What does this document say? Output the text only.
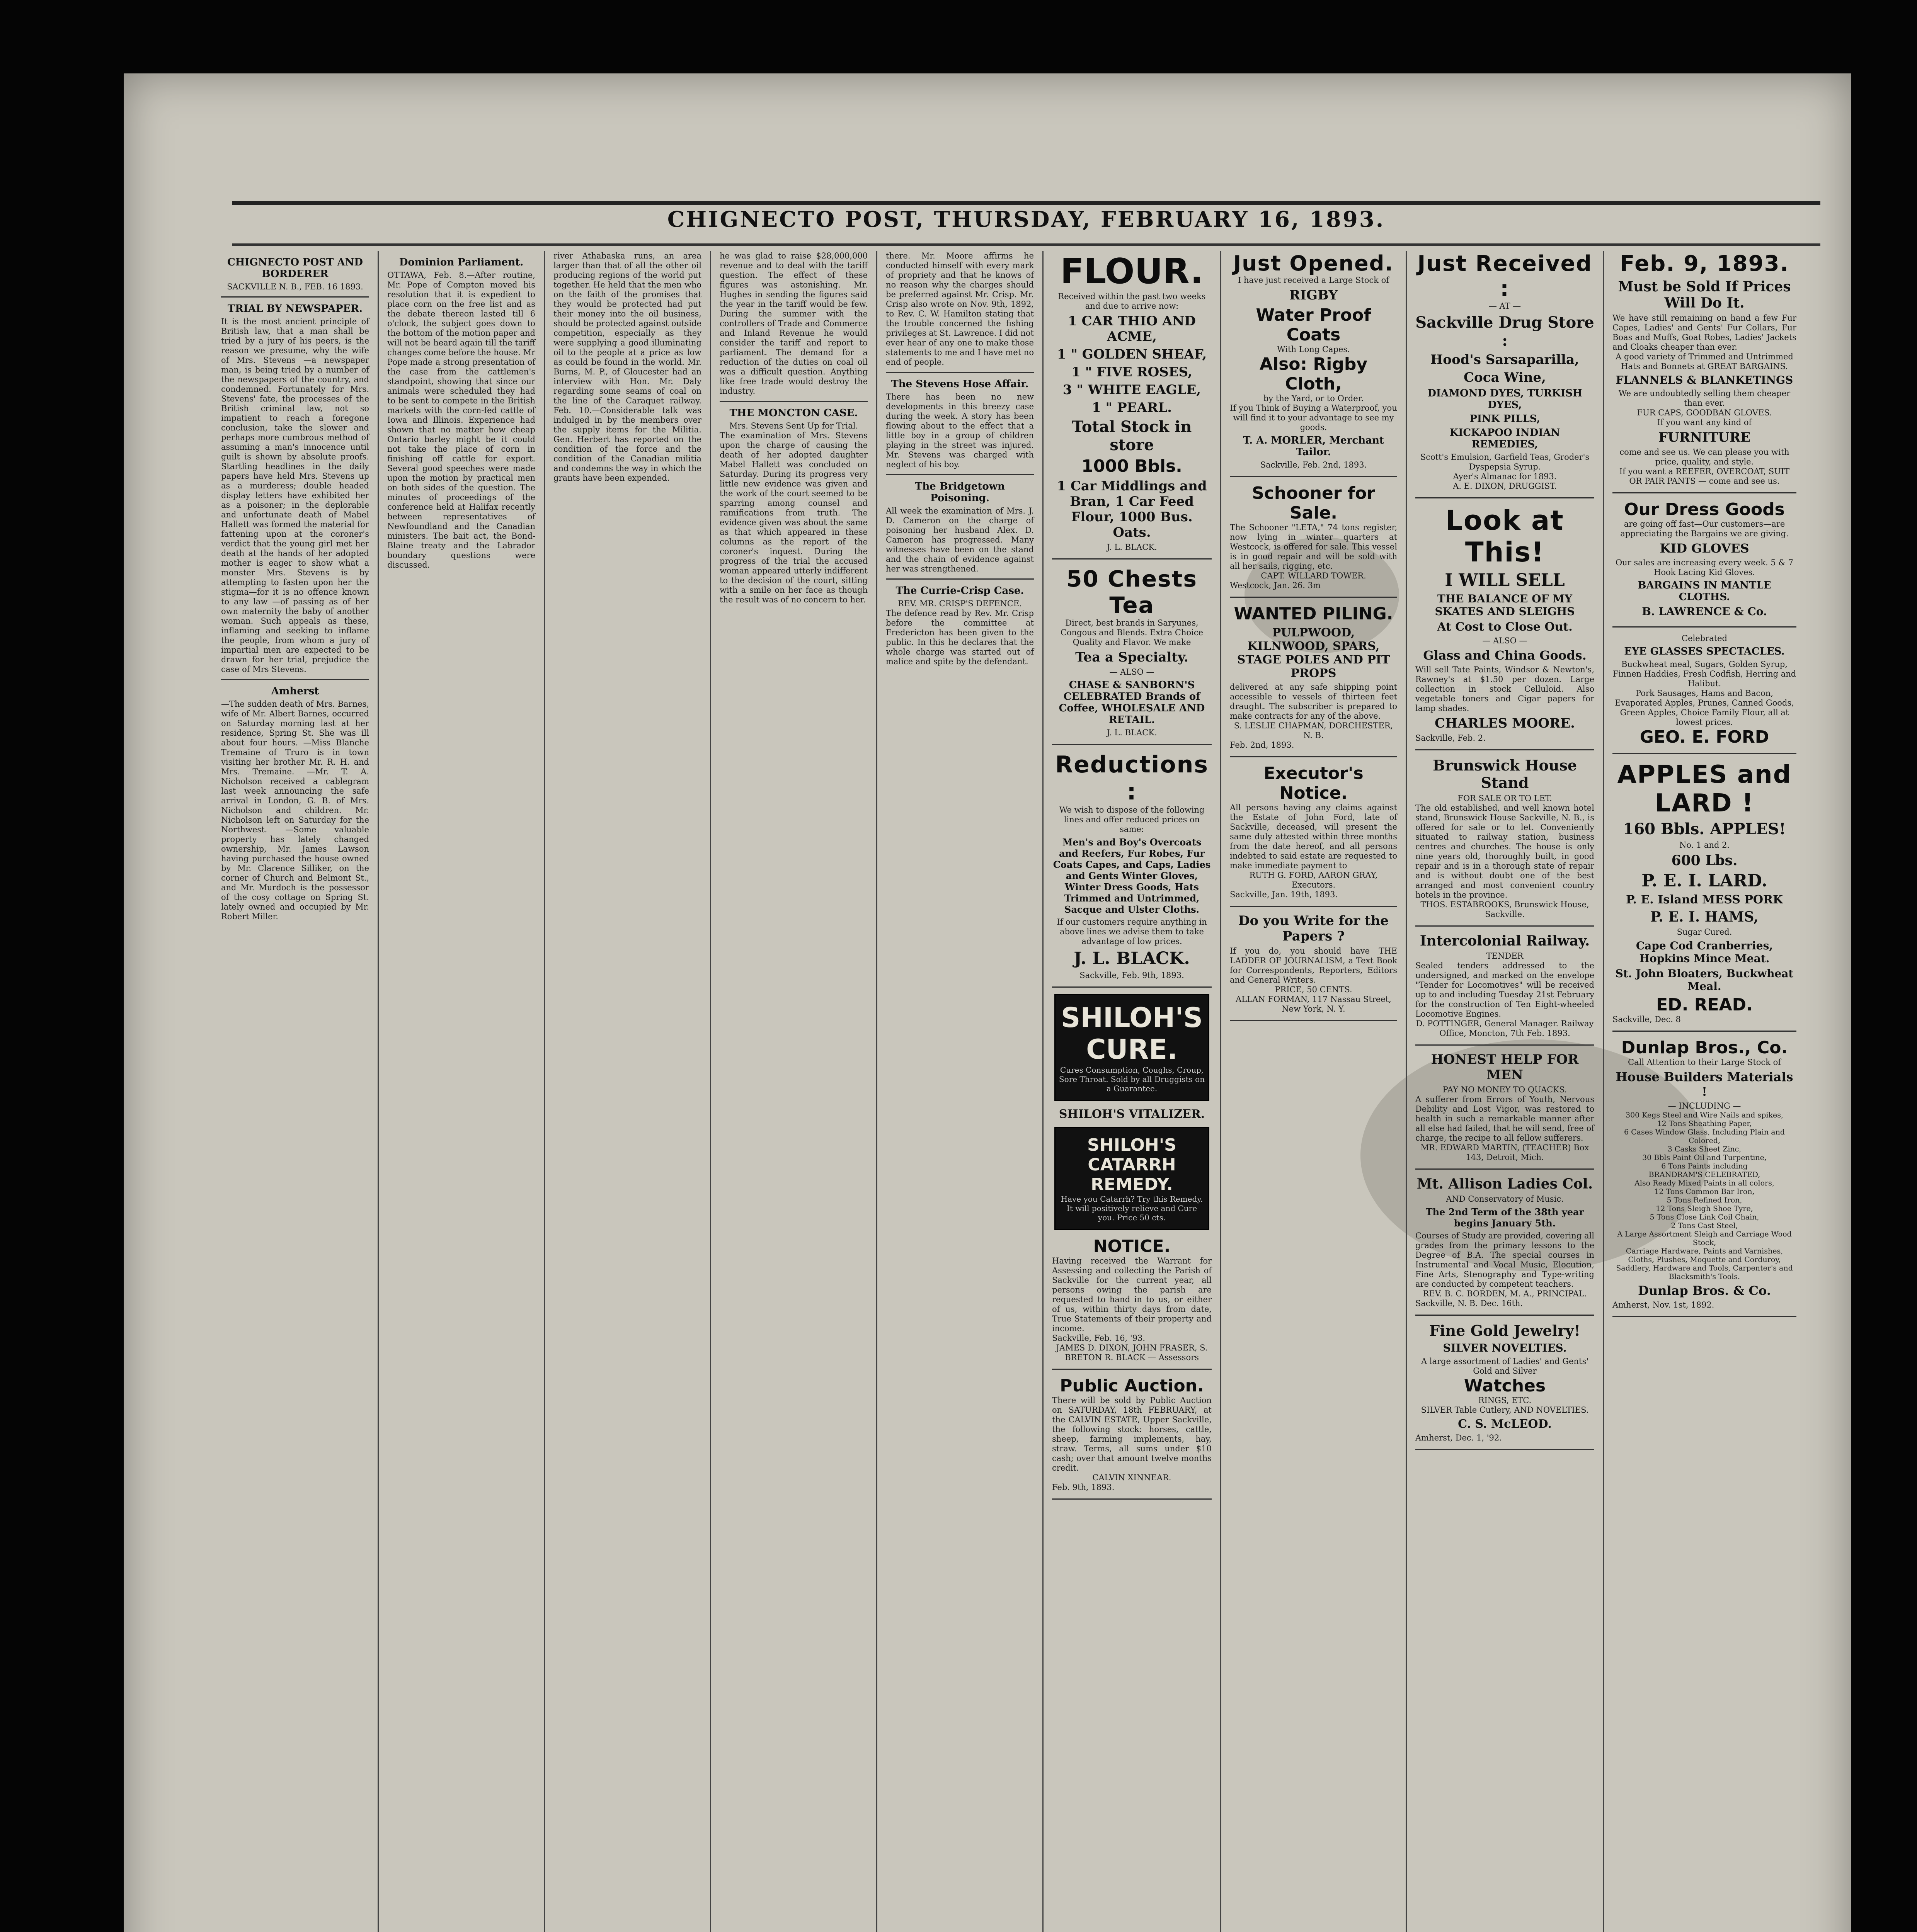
CHIGNECTO POST, THURSDAY, FEBRUARY 16, 1893.
CHIGNECTO POST AND BORDERER
SACKVILLE N. B., FEB. 16 1893.
TRIAL BY NEWSPAPER.

It is the most ancient principle of British law, that a man shall be tried by a jury of his peers, is the reason we presume, why the wife of Mrs. Stevens —a newspaper man, is being tried by a number of the newspapers of the country, and condemned. Fortunately for Mrs. Stevens' fate, the processes of the British criminal law, not so impatient to reach a foregone conclusion, take the slower and perhaps more cumbrous method of assuming a man's innocence until guilt is shown by absolute proofs. Startling headlines in the daily papers have held Mrs. Stevens up as a murderess; double headed display letters have exhibited her as a poisoner; in the deplorable and unfortunate death of Mabel Hallett was formed the material for fattening upon at the coroner's verdict that the young girl met her death at the hands of her adopted mother is eager to show what a monster Mrs. Stevens is by attempting to fasten upon her the stigma—for it is no offence known to any law —of passing as of her own maternity the baby of another woman. Such appeals as these, inflaming and seeking to inflame the people, from whom a jury of impartial men are expected to be drawn for her trial, prejudice the case of Mrs Stevens.

Amherst

—The sudden death of Mrs. Barnes, wife of Mr. Albert Barnes, occurred on Saturday morning last at her residence, Spring St. She was ill about four hours. —Miss Blanche Tremaine of Truro is in town visiting her brother Mr. R. H. and Mrs. Tremaine. —Mr. T. A. Nicholson received a cablegram last week announcing the safe arrival in London, G. B. of Mrs. Nicholson and children. Mr. Nicholson left on Saturday for the Northwest. —Some valuable property has lately changed ownership, Mr. James Lawson having purchased the house owned by Mr. Clarence Silliker, on the corner of Church and Belmont St., and Mr. Murdoch is the possessor of the cosy cottage on Spring St. lately owned and occupied by Mr. Robert Miller.

Dominion Parliament.

OTTAWA, Feb. 8.—After routine, Mr. Pope of Compton moved his resolution that it is expedient to place corn on the free list and as the debate thereon lasted till 6 o'clock, the subject goes down to the bottom of the motion paper and will not be heard again till the tariff changes come before the house. Mr Pope made a strong presentation of the case from the cattlemen's standpoint, showing that since our animals were scheduled they had to be sent to compete in the British markets with the corn-fed cattle of Iowa and Illinois. Experience had shown that no matter how cheap Ontario barley might be it could not take the place of corn in finishing off cattle for export. Several good speeches were made upon the motion by practical men on both sides of the question. The minutes of proceedings of the conference held at Halifax recently between representatives of Newfoundland and the Canadian ministers. The bait act, the Bond-Blaine treaty and the Labrador boundary questions were discussed.

river Athabaska runs, an area larger than that of all the other oil producing regions of the world put together. He held that the men who on the faith of the promises that they would be protected had put their money into the oil business, should be protected against outside competition, especially as they were supplying a good illuminating oil to the people at a price as low as could be found in the world. Mr. Burns, M. P., of Gloucester had an interview with Hon. Mr. Daly regarding some seams of coal on the line of the Caraquet railway. Feb. 10.—Considerable talk was indulged in by the members over the supply items for the Militia. Gen. Herbert has reported on the condition of the force and the condition of the Canadian militia and condemns the way in which the grants have been expended.

he was glad to raise $28,000,000 revenue and to deal with the tariff question. The effect of these figures was astonishing. Mr. Hughes in sending the figures said the year in the tariff would be few. During the summer with the controllers of Trade and Commerce and Inland Revenue he would consider the tariff and report to parliament. The demand for a reduction of the duties on coal oil was a difficult question. Anything like free trade would destroy the industry.

THE MONCTON CASE.
Mrs. Stevens Sent Up for Trial.

The examination of Mrs. Stevens upon the charge of causing the death of her adopted daughter Mabel Hallett was concluded on Saturday. During its progress very little new evidence was given and the work of the court seemed to be sparring among counsel and ramifications from truth. The evidence given was about the same as that which appeared in these columns as the report of the coroner's inquest. During the progress of the trial the accused woman appeared utterly indifferent to the decision of the court, sitting with a smile on her face as though the result was of no concern to her.

there. Mr. Moore affirms he conducted himself with every mark of propriety and that he knows of no reason why the charges should be preferred against Mr. Crisp. Mr. Crisp also wrote on Nov. 9th, 1892, to Rev. C. W. Hamilton stating that the trouble concerned the fishing privileges at St. Lawrence. I did not ever hear of any one to make those statements to me and I have met no end of people.

The Stevens Hose Affair.

There has been no new developments in this breezy case during the week. A story has been flowing about to the effect that a little boy in a group of children playing in the street was injured. Mr. Stevens was charged with neglect of his boy.

The Bridgetown Poisoning.

All week the examination of Mrs. J. D. Cameron on the charge of poisoning her husband Alex. D. Cameron has progressed. Many witnesses have been on the stand and the chain of evidence against her was strengthened.

The Currie-Crisp Case.
REV. MR. CRISP'S DEFENCE.

The defence read by Rev. Mr. Crisp before the committee at Fredericton has been given to the public. In this he declares that the whole charge was started out of malice and spite by the defendant.

FLOUR.

Received within the past two weeks and due to arrive now:

1 CAR THIO AND ACME,
1 " GOLDEN SHEAF,
1 " FIVE ROSES,
3 " WHITE EAGLE,
1 " PEARL.
Total Stock in store
1000 Bbls.
1 Car Middlings and Bran, 1 Car Feed Flour, 1000 Bus. Oats.
J. L. BLACK.
50 Chests Tea

Direct, best brands in Saryunes, Congous and Blends. Extra Choice Quality and Flavor. We make

Tea a Specialty.
— ALSO —
CHASE & SANBORN'S CELEBRATED Brands of Coffee, WHOLESALE AND RETAIL.
J. L. BLACK.
Reductions :

We wish to dispose of the following lines and offer reduced prices on same:

Men's and Boy's Overcoats and Reefers, Fur Robes, Fur Coats Capes, and Caps, Ladies and Gents Winter Gloves, Winter Dress Goods, Hats Trimmed and Untrimmed, Sacque and Ulster Cloths.

If our customers require anything in above lines we advise them to take advantage of low prices.

J. L. BLACK.
Sackville, Feb. 9th, 1893.
SHILOH'S CURE.
Cures Consumption, Coughs, Croup, Sore Throat. Sold by all Druggists on a Guarantee.
SHILOH'S VITALIZER.
SHILOH'S CATARRH REMEDY.
Have you Catarrh? Try this Remedy. It will positively relieve and Cure you. Price 50 cts.
NOTICE.

Having received the Warrant for Assessing and collecting the Parish of Sackville for the current year, all persons owing the parish are requested to hand in to us, or either of us, within thirty days from date, True Statements of their property and income.

Sackville, Feb. 16, '93.
JAMES D. DIXON, JOHN FRASER, S. BRETON R. BLACK — Assessors
Public Auction.

There will be sold by Public Auction on SATURDAY, 18th FEBRUARY, at the CALVIN ESTATE, Upper Sackville, the following stock: horses, cattle, sheep, farming implements, hay, straw. Terms, all sums under $10 cash; over that amount twelve months credit.

CALVIN XINNEAR.
Feb. 9th, 1893.
Just Opened.

I have just received a Large Stock of

RIGBY
Water Proof Coats
With Long Capes.
Also: Rigby Cloth,
by the Yard, or to Order.

If you Think of Buying a Waterproof, you will find it to your advantage to see my goods.

T. A. MORLER, Merchant Tailor.
Sackville, Feb. 2nd, 1893.
Schooner for Sale.

The Schooner "LETA," 74 tons register, now lying in winter quarters at Westcock, is offered for sale. This vessel is in good repair and will be sold with all her sails, rigging, etc.

CAPT. WILLARD TOWER.
Westcock, Jan. 26. 3m
WANTED PILING.
PULPWOOD, KILNWOOD, SPARS, STAGE POLES AND PIT PROPS

delivered at any safe shipping point accessible to vessels of thirteen feet draught. The subscriber is prepared to make contracts for any of the above.

S. LESLIE CHAPMAN, DORCHESTER, N. B.
Feb. 2nd, 1893.
Executor's Notice.

All persons having any claims against the Estate of John Ford, late of Sackville, deceased, will present the same duly attested within three months from the date hereof, and all persons indebted to said estate are requested to make immediate payment to

RUTH G. FORD, AARON GRAY, Executors.
Sackville, Jan. 19th, 1893.
Do you Write for the Papers ?

If you do, you should have THE LADDER OF JOURNALISM, a Text Book for Correspondents, Reporters, Editors and General Writers.

PRICE, 50 CENTS.
ALLAN FORMAN, 117 Nassau Street, New York, N. Y.
Just Received :
— AT —
Sackville Drug Store :
Hood's Sarsaparilla,
Coca Wine,
DIAMOND DYES, TURKISH DYES,
PINK PILLS,
KICKAPOO INDIAN REMEDIES,

Scott's Emulsion, Garfield Teas, Groder's Dyspepsia Syrup.

Ayer's Almanac for 1893.
A. E. DIXON, DRUGGIST.
Look at This!
I WILL SELL
THE BALANCE OF MY SKATES AND SLEIGHS
At Cost to Close Out.
— ALSO —
Glass and China Goods.

Will sell Tate Paints, Windsor & Newton's, Rawney's at $1.50 per dozen. Large collection in stock Celluloid. Also vegetable toners and Cigar papers for lamp shades.

CHARLES MOORE.
Sackville, Feb. 2.
Brunswick House Stand
FOR SALE OR TO LET.

The old established, and well known hotel stand, Brunswick House Sackville, N. B., is offered for sale or to let. Conveniently situated to railway station, business centres and churches. The house is only nine years old, thoroughly built, in good repair and is in a thorough state of repair and is without doubt one of the best arranged and most convenient country hotels in the province.

THOS. ESTABROOKS, Brunswick House, Sackville.
Intercolonial Railway.
TENDER

Sealed tenders addressed to the undersigned, and marked on the envelope "Tender for Locomotives" will be received up to and including Tuesday 21st February for the construction of Ten Eight-wheeled Locomotive Engines.

D. POTTINGER, General Manager. Railway Office, Moncton, 7th Feb. 1893.
HONEST HELP FOR MEN
PAY NO MONEY TO QUACKS.

A sufferer from Errors of Youth, Nervous Debility and Lost Vigor, was restored to health in such a remarkable manner after all else had failed, that he will send, free of charge, the recipe to all fellow sufferers.

MR. EDWARD MARTIN, (TEACHER) Box 143, Detroit, Mich.
Mt. Allison Ladies Col.
AND Conservatory of Music.
The 2nd Term of the 38th year begins January 5th.

Courses of Study are provided, covering all grades from the primary lessons to the Degree of B.A. The special courses in Instrumental and Vocal Music, Elocution, Fine Arts, Stenography and Type-writing are conducted by competent teachers.

REV. B. C. BORDEN, M. A., PRINCIPAL.
Sackville, N. B. Dec. 16th.
Fine Gold Jewelry!
SILVER NOVELTIES.

A large assortment of Ladies' and Gents' Gold and Silver

Watches
RINGS, ETC.
SILVER Table Cutlery, AND NOVELTIES.
C. S. McLEOD.
Amherst, Dec. 1, '92.
Feb. 9, 1893.
Must be Sold If Prices Will Do It.

We have still remaining on hand a few Fur Capes, Ladies' and Gents' Fur Collars, Fur Boas and Muffs, Goat Robes, Ladies' Jackets and Cloaks cheaper than ever.

A good variety of Trimmed and Untrimmed Hats and Bonnets at GREAT BARGAINS.

FLANNELS & BLANKETINGS

We are undoubtedly selling them cheaper than ever.

FUR CAPS, GOODBAN GLOVES.
If you want any kind of
FURNITURE

come and see us. We can please you with price, quality, and style.

If you want a REEFER, OVERCOAT, SUIT OR PAIR PANTS — come and see us.

Our Dress Goods

are going off fast—Our customers—are appreciating the Bargains we are giving.

KID GLOVES

Our sales are increasing every week. 5 & 7 Hook Lacing Kid Gloves.

BARGAINS IN MANTLE CLOTHS.
B. LAWRENCE & Co.
Celebrated
EYE GLASSES SPECTACLES.

Buckwheat meal, Sugars, Golden Syrup, Finnen Haddies, Fresh Codfish, Herring and Halibut.

Pork Sausages, Hams and Bacon, Evaporated Apples, Prunes, Canned Goods, Green Apples, Choice Family Flour, all at lowest prices.

GEO. E. FORD
APPLES and LARD !
160 Bbls. APPLES!
No. 1 and 2.
600 Lbs.
P. E. I. LARD.
P. E. Island MESS PORK
P. E. I. HAMS,
Sugar Cured.
Cape Cod Cranberries, Hopkins Mince Meat.
St. John Bloaters, Buckwheat Meal.
ED. READ.
Sackville, Dec. 8
Dunlap Bros., Co.
Call Attention to their Large Stock of
House Builders Materials !
— INCLUDING —
300 Kegs Steel and Wire Nails and spikes,
12 Tons Sheathing Paper,
6 Cases Window Glass, Including Plain and Colored,
3 Casks Sheet Zinc,
30 Bbls Paint Oil and Turpentine,
6 Tons Paints including
BRANDRAM'S CELEBRATED,
Also Ready Mixed Paints in all colors,
12 Tons Common Bar Iron,
5 Tons Refined Iron,
12 Tons Sleigh Shoe Tyre,
5 Tons Close Link Coil Chain,
2 Tons Cast Steel,
A Large Assortment Sleigh and Carriage Wood Stock,
Carriage Hardware, Paints and Varnishes, Cloths, Plushes, Moquette and Corduroy, Saddlery, Hardware and Tools, Carpenter's and Blacksmith's Tools.
Dunlap Bros. & Co.
Amherst, Nov. 1st, 1892.
